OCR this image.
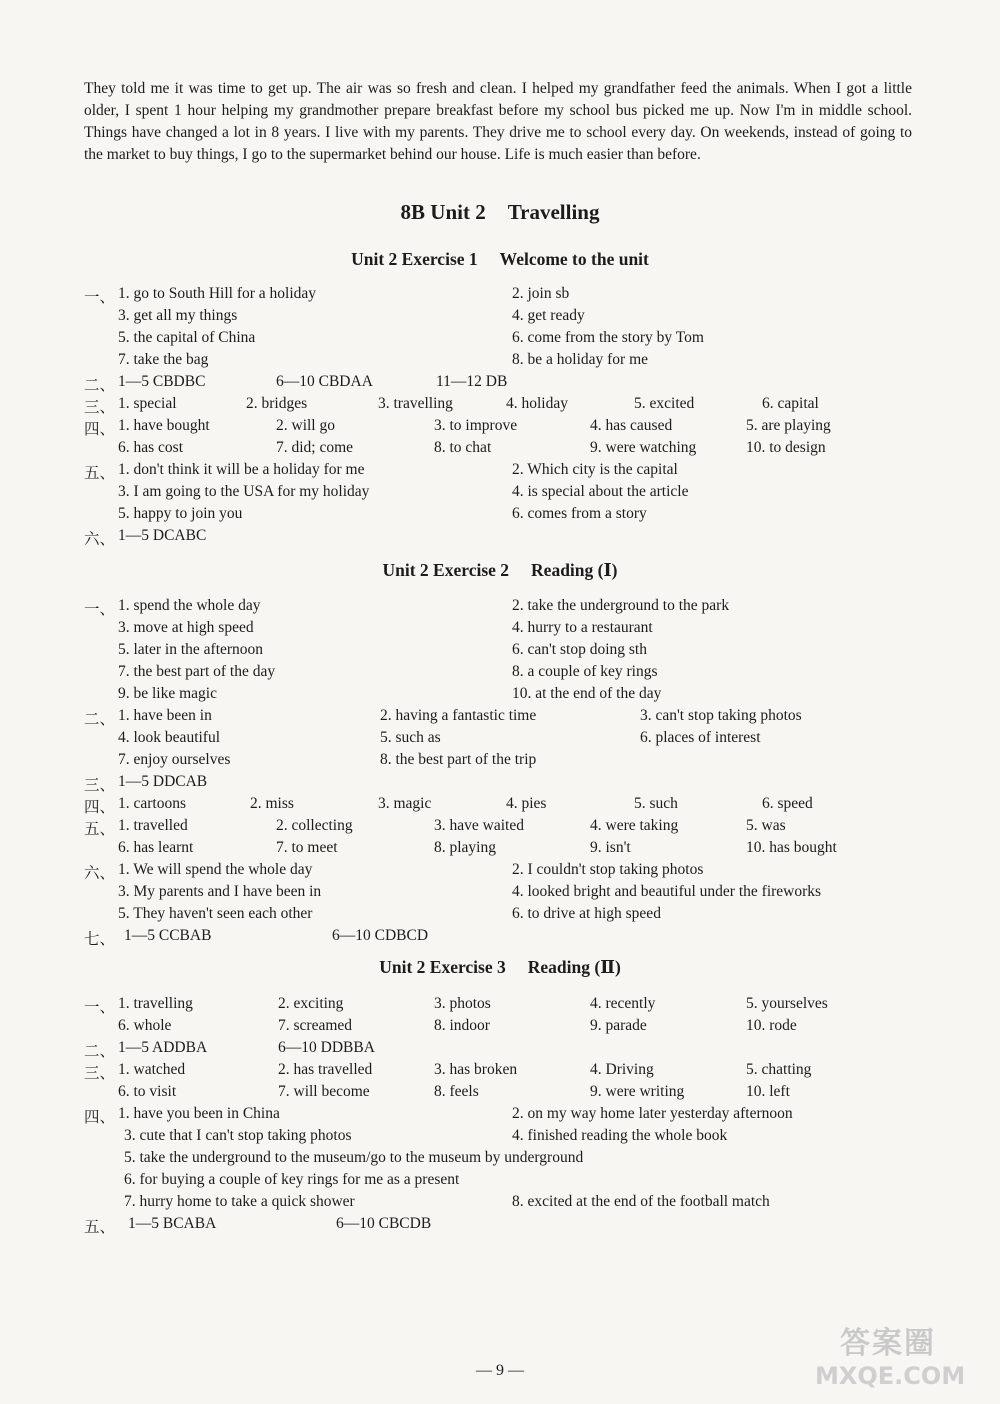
They told me it was time to get up. The air was so fresh and clean. I helped my grandfather feed the animals. When I got a little older, I spent 1 hour helping my grandmother prepare breakfast before my school bus picked me up. Now I'm in middle school. Things have changed a lot in 8 years. I live with my parents. They drive me to school every day. On weekends, instead of going to the market to buy things, I go to the supermarket behind our house. Life is much easier than before.
8B Unit 2 Travelling
Unit 2 Exercise 1 Welcome to the unit
一、 1. go to South Hill for a holiday	2. join sb
3. get all my things	4. get ready
5. the capital of China	6. come from the story by Tom
7. take the bag	8. be a holiday for me
二、 1—5 CBDBC	6—10 CBDAA	11—12 DB
三、 1. special	2. bridges	3. travelling	4. holiday	5. excited	6. capital
四、 1. have bought	2. will go	3. to improve	4. has caused	5. are playing
6. has cost	7. did; come	8. to chat	9. were watching	10. to design
五、 1. don't think it will be a holiday for me	2. Which city is the capital
3. I am going to the USA for my holiday	4. is special about the article
5. happy to join you	6. comes from a story
六、 1—5 DCABC
Unit 2 Exercise 2 Reading (Ⅰ)
一、 1. spend the whole day	2. take the underground to the park
3. move at high speed	4. hurry to a restaurant
5. later in the afternoon	6. can't stop doing sth
7. the best part of the day	8. a couple of key rings
9. be like magic	10. at the end of the day
二、 1. have been in	2. having a fantastic time	3. can't stop taking photos
4. look beautiful	5. such as	6. places of interest
7. enjoy ourselves	8. the best part of the trip
三、 1—5 DDCAB
四、 1. cartoons	2. miss	3. magic	4. pies	5. such	6. speed
五、 1. travelled	2. collecting	3. have waited	4. were taking	5. was
6. has learnt	7. to meet	8. playing	9. isn't	10. has bought
六、 1. We will spend the whole day	2. I couldn't stop taking photos
3. My parents and I have been in	4. looked bright and beautiful under the fireworks
5. They haven't seen each other	6. to drive at high speed
七、 1—5 CCBAB	6—10 CDBCD
Unit 2 Exercise 3 Reading (Ⅱ)
一、 1. travelling	2. exciting	3. photos	4. recently	5. yourselves
6. whole	7. screamed	8. indoor	9. parade	10. rode
二、 1—5 ADDBA	6—10 DDBBA
三、 1. watched	2. has travelled	3. has broken	4. Driving	5. chatting
6. to visit	7. will become	8. feels	9. were writing	10. left
四、 1. have you been in China	2. on my way home later yesterday afternoon
3. cute that I can't stop taking photos	4. finished reading the whole book
5. take the underground to the museum/go to the museum by underground
6. for buying a couple of key rings for me as a present
7. hurry home to take a quick shower	8. excited at the end of the football match
五、 1—5 BCABA	6—10 CBCDB
— 9 —
答案圈
MXQE.COM
